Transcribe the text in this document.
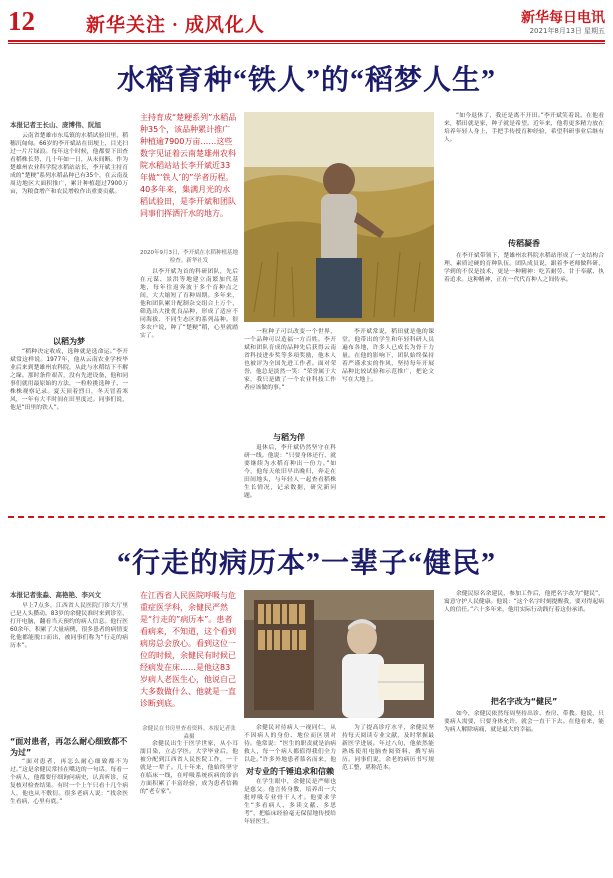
12	新华关注 · 成风化人	新华每日电讯
2021年8月13日 星期五
水稻育种“铁人”的“稻梦人生”
本报记者王长山、庞博伟、阮旭

云南省楚雄市东瓜镇的水稻试验田里，稻穗沉甸甸。66岁的李开斌站在田埂上，目光扫过一片片绿浪。每年这个时候，他都要下田查看稻株长势，几十年如一日，从未间断。作为楚雄州农业科学院水稻站站长，李开斌主持育成的“楚粳”系列水稻品种已有35个，在云南及周边地区大面积推广，累计种植超过7900万亩，为粮食增产和农民增收作出重要贡献。

以稻为梦

“稻种决定收成，选种就是选命运。”李开斌常这样说。1977年，他从云南农业学校毕业后来到楚雄州农科院，从此与水稻结下不解之缘。那时条件艰苦，没有先进设备，他和同事们就用最原始的方法，一粒粒挑选种子、一株株观察记录。夏天顶着烈日，冬天冒着寒风，一年有大半时间在田里度过。同事们说，他是“田里的铁人”。

主持育成“楚粳系列”水稻品种35个，该品种累计推广种植逾7900万亩……这些数字见证着云南楚雄州农科院水稻站站长李开斌近33年做“‘铁人’的”学者历程。40多年来，集满月光的水稻试验田，是李开斌和团队同事们挥洒汗水的地方。
2020年9月3日，李开斌在水稻种植基地检查。新华社发

以李开斌为首的科研团队，先后在元谋、景洪等地建立南繁加代基地，每年往返奔波于多个育种点之间，大大缩短了育种周期。多年来，他和团队累计配制杂交组合上万个，筛选出大批优良品种，形成了适应不同海拔、不同生态区的系列品种。很多农户说，种了“楚粳”稻，心里就踏实了。

与稻为伴

一粒种子可以改变一个世界，一个品种可以造福一方百姓。李开斌和团队育成的品种先后获得云南省科技进步奖等多项奖励，他本人也被评为全国先进工作者。面对荣誉，他总是淡然一笑：“荣誉属于大家，我只是做了一个农业科技工作者应该做的事。”

退休后，李开斌仍然坚守在科研一线。他说：“只要身体还行，就要继续为水稻育种出一份力。”如今，他每天依旧早出晚归，奔走在田间地头，与年轻人一起查看稻株生长情况，记录数据，研究新问题。

李开斌常说，稻田就是他的课堂。他带出的学生和年轻科研人员遍布各地，许多人已成长为骨干力量。在他的影响下，团队始终保持着严谨求实的作风，坚持每年开展品种比较试验和示范推广，把论文写在大地上。

“如今退休了，我还是离不开田。”李开斌笑着说。在他看来，稻田就是家，种子就是希望。近年来，他将更多精力放在培养年轻人身上，手把手传授育种经验，希望科研事业后继有人。

传稻凝香

在李开斌带领下，楚雄州农科院水稻站形成了一支结构合理、素质过硬的育种队伍。团队成员说，跟着李老师做科研，学到的不仅是技术，更是一种精神：吃苦耐劳、甘于奉献、执着追求。这种精神，正在一代代育种人之间传承。

“行走的病历本”一辈子“健民”
本报记者张淼、高艳艳、李兴文

早上7点多，江西省人民医院门诊大厅里已是人头攒动。83岁的余健民准时来到诊室，打开电脑，翻看当天预约的病人信息。他行医60余年，积累了大量病例，很多患者的病情变化他都能脱口而出，被同事们称为“行走的病历本”。

“面对患者，再怎么耐心细致都不为过”

“面对患者，再怎么耐心细致都不为过。”这是余健民常挂在嘴边的一句话。每看一个病人，他都要仔细询问病史，认真听诊，反复核对检查结果。有时一个上午只看十几个病人，他也从不敷衍。很多老病人说：“找余医生看病，心里有底。”

在江西省人民医院呼吸与危重症医学科，余健民严然是“行走的”病历本”。患者看病来，不知道，这个看到病房总会放心。看到这位一位的时候，余健民有时候已经病发在床……是他这83岁病人老医生心，他说自己大多数做什么、他就是一直诊断到底。
余健民在书房里查看资料。本报记者张淼摄

余健民出生于医学世家，从小耳濡目染，立志学医。大学毕业后，他被分配到江西省人民医院工作，一干就是一辈子。几十年来，他始终坚守在临床一线，在呼吸系统疾病的诊治方面积累了丰富经验，成为患者信赖的“老专家”。

余健民对待病人一视同仁，从不因病人的身份、地位而区别对待。他常说：“医生的职责就是治病救人，每一个病人都值得我们全力以赴。”许多外地患者慕名而来，他

对专业的千锤追求和信赖

在学生眼中，余健民是严师也是慈父。他言传身教，培养出一大批呼吸专业骨干人才。他要求学生“多看病人、多读文献、多思考”，把临床经验毫无保留地传授给年轻医生。

为了提高诊疗水平，余健民坚持每天阅读专业文献，及时掌握最新医学进展。年过八旬，他依然能熟练使用电脑查阅资料、撰写病历。同事们说，余老的病历书写规范工整，堪称范本。

余健民原名余建民，参加工作后，他把名字改为“健民”，寓意守护人民健康。他说：“这个名字时刻提醒我，要对得起病人的信任。”六十多年来，他用实际行动践行着这份承诺。

把名字改为“健民”

如今，余健民依然每周坚持出诊、查房、带教。他说，只要病人需要，只要身体允许，就会一直干下去。在他看来，能为病人解除病痛，就是最大的幸福。
